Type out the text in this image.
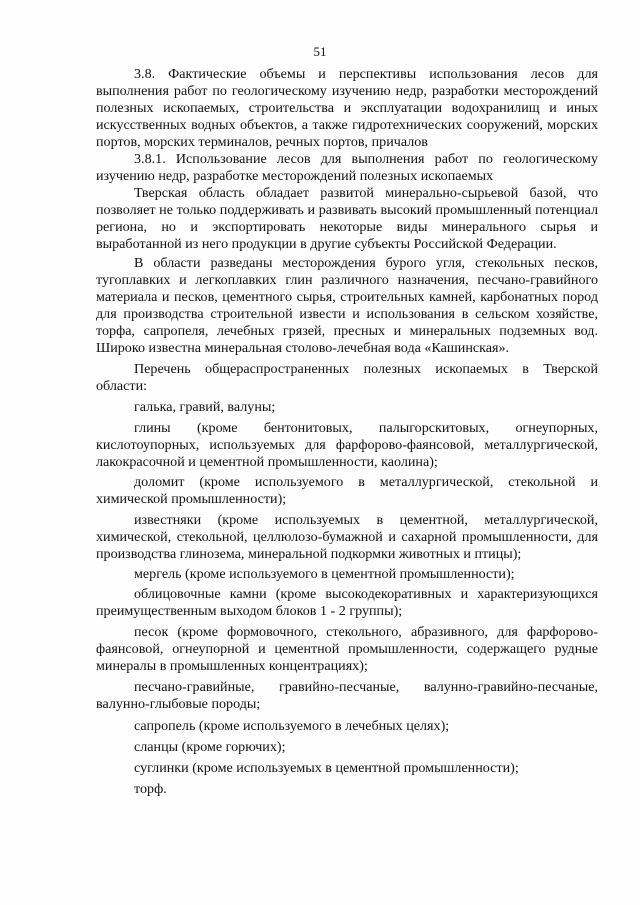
51

3.8. Фактические объемы и перспективы использования лесов для выполнения работ по геологическому изучению недр, разработки месторождений полезных ископаемых, строительства и эксплуатации водохранилищ и иных искусственных водных объектов, а также гидротехнических сооружений, морских портов, морских терминалов, речных портов, причалов

3.8.1. Использование лесов для выполнения работ по геологическому изучению недр, разработке месторождений полезных ископаемых

Тверская область обладает развитой минерально-сырьевой базой, что позволяет не только поддерживать и развивать высокий промышленный потенциал региона, но и экспортировать некоторые виды минерального сырья и выработанной из него продукции в другие субъекты Российской Федерации.

В области разведаны месторождения бурого угля, стекольных песков, тугоплавких и легкоплавких глин различного назначения, песчано-гравийного материала и песков, цементного сырья, строительных камней, карбонатных пород для производства строительной извести и использования в сельском хозяйстве, торфа, сапропеля, лечебных грязей, пресных и минеральных подземных вод. Широко известна минеральная столово-лечебная вода «Кашинская».

Перечень общераспространенных полезных ископаемых в Тверской области:

галька, гравий, валуны;

глины (кроме бентонитовых, палыгорскитовых, огнеупорных, кислотоупорных, используемых для фарфорово-фаянсовой, металлургической, лакокрасочной и цементной промышленности, каолина);

доломит (кроме используемого в металлургической, стекольной и химической промышленности);

известняки (кроме используемых в цементной, металлургической, химической, стекольной, целлюлозо-бумажной и сахарной промышленности, для производства глинозема, минеральной подкормки животных и птицы);

мергель (кроме используемого в цементной промышленности);

облицовочные камни (кроме высокодекоративных и характеризующихся преимущественным выходом блоков 1 - 2 группы);

песок (кроме формовочного, стекольного, абразивного, для фарфорово-фаянсовой, огнеупорной и цементной промышленности, содержащего рудные минералы в промышленных концентрациях);

песчано-гравийные, гравийно-песчаные, валунно-гравийно-песчаные, валунно-глыбовые породы;

сапропель (кроме используемого в лечебных целях);

сланцы (кроме горючих);

суглинки (кроме используемых в цементной промышленности);

торф.
